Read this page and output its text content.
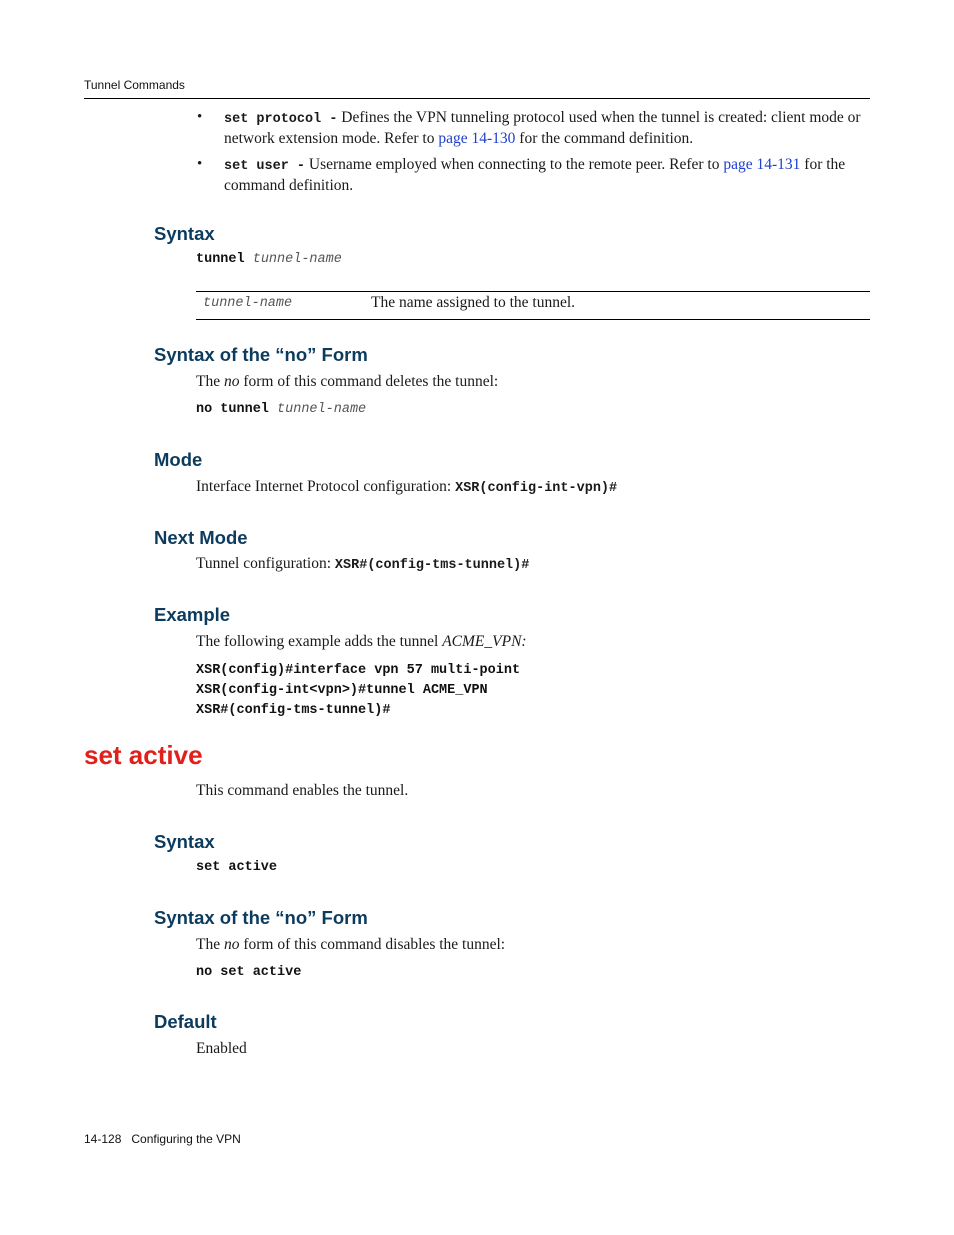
Tunnel Commands
• set protocol - Defines the VPN tunneling protocol used when the tunnel is created: client mode or network extension mode. Refer to page 14-130 for the command definition.
• set user - Username employed when connecting to the remote peer. Refer to page 14-131 for the command definition.
Syntax
tunnel tunnel-name
tunnel-name	The name assigned to the tunnel.
Syntax of the “no” Form
The no form of this command deletes the tunnel:
no tunnel tunnel-name
Mode
Interface Internet Protocol configuration: XSR(config-int-vpn)#
Next Mode
Tunnel configuration: XSR#(config-tms-tunnel)#
Example
The following example adds the tunnel ACME_VPN:
XSR(config)#interface vpn 57 multi-point
XSR(config-int<vpn>)#tunnel ACME_VPN
XSR#(config-tms-tunnel)#
set active
This command enables the tunnel.
Syntax
set active
Syntax of the “no” Form
The no form of this command disables the tunnel:
no set active
Default
Enabled
14-128 Configuring the VPN
